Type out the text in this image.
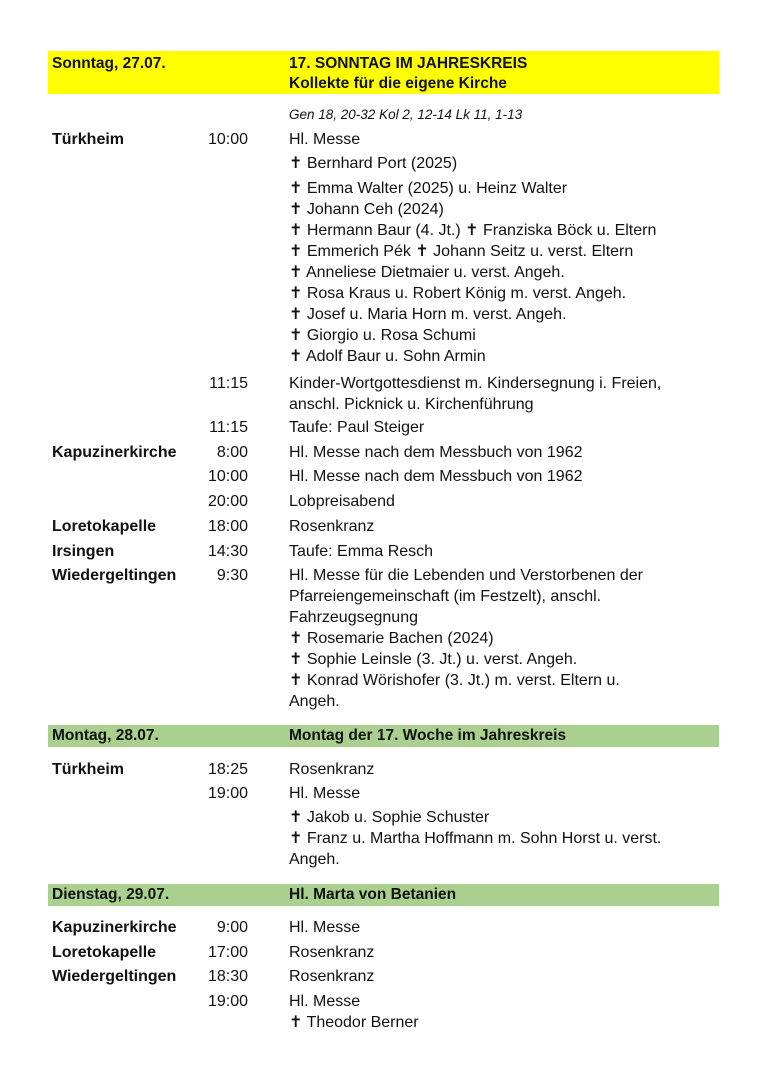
Sonntag, 27.07.	17. SONNTAG IM JAHRESKREIS
Kollekte für die eigene Kirche
Gen 18, 20-32 Kol 2, 12-14 Lk 11, 1-13
Türkheim	10:00	Hl. Messe
✝ Bernhard Port (2025)
✝ Emma Walter (2025) u. Heinz Walter
✝ Johann Ceh (2024)
✝ Hermann Baur (4. Jt.) ✝ Franziska Böck u. Eltern
✝ Emmerich Pék ✝ Johann Seitz u. verst. Eltern
✝ Anneliese Dietmaier u. verst. Angeh.
✝ Rosa Kraus u. Robert König m. verst. Angeh.
✝ Josef u. Maria Horn m. verst. Angeh.
✝ Giorgio u. Rosa Schumi
✝ Adolf Baur u. Sohn Armin
11:15	Kinder-Wortgottesdienst m. Kindersegnung i. Freien,
anschl. Picknick u. Kirchenführung
11:15	Taufe: Paul Steiger
Kapuzinerkirche	8:00	Hl. Messe nach dem Messbuch von 1962
10:00	Hl. Messe nach dem Messbuch von 1962
20:00	Lobpreisabend
Loretokapelle	18:00	Rosenkranz
Irsingen	14:30	Taufe: Emma Resch
Wiedergeltingen	9:30	Hl. Messe für die Lebenden und Verstorbenen der
Pfarreiengemeinschaft (im Festzelt), anschl.
Fahrzeugsegnung
✝ Rosemarie Bachen (2024)
✝ Sophie Leinsle (3. Jt.) u. verst. Angeh.
✝ Konrad Wörishofer (3. Jt.) m. verst. Eltern u.
Angeh.
Montag, 28.07.	Montag der 17. Woche im Jahreskreis
Türkheim	18:25	Rosenkranz
19:00	Hl. Messe
✝ Jakob u. Sophie Schuster
✝ Franz u. Martha Hoffmann m. Sohn Horst u. verst.
Angeh.
Dienstag, 29.07.	Hl. Marta von Betanien
Kapuzinerkirche	9:00	Hl. Messe
Loretokapelle	17:00	Rosenkranz
Wiedergeltingen	18:30	Rosenkranz
19:00	Hl. Messe
✝ Theodor Berner
